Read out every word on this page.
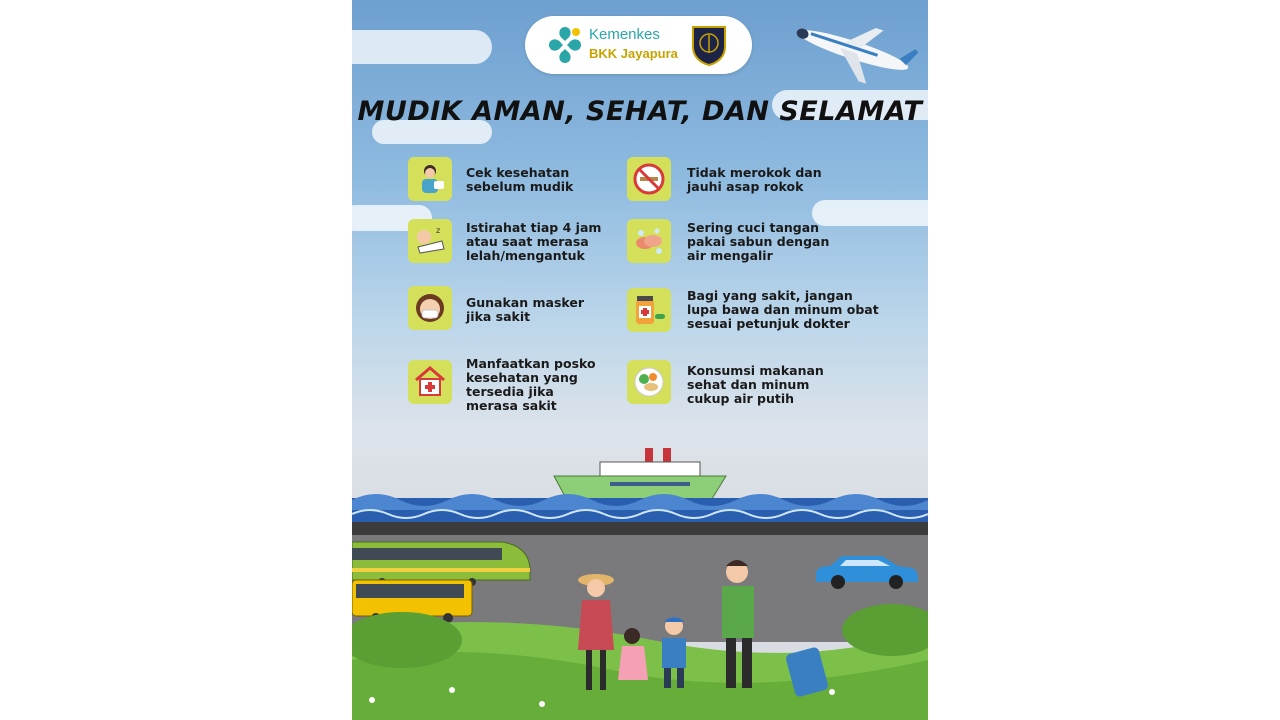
Kemenkes
BKK Jayapura
MUDIK AMAN, SEHAT, DAN SELAMAT
Cek kesehatan
sebelum mudik
z Istirahat tiap 4 jam
atau saat merasa
lelah/mengantuk
Gunakan masker
jika sakit
Manfaatkan posko
kesehatan yang
tersedia jika
merasa sakit
Tidak merokok dan
jauhi asap rokok
Sering cuci tangan
pakai sabun dengan
air mengalir
Bagi yang sakit, jangan
lupa bawa dan minum obat
sesuai petunjuk dokter
Konsumsi makanan
sehat dan minum
cukup air putih
